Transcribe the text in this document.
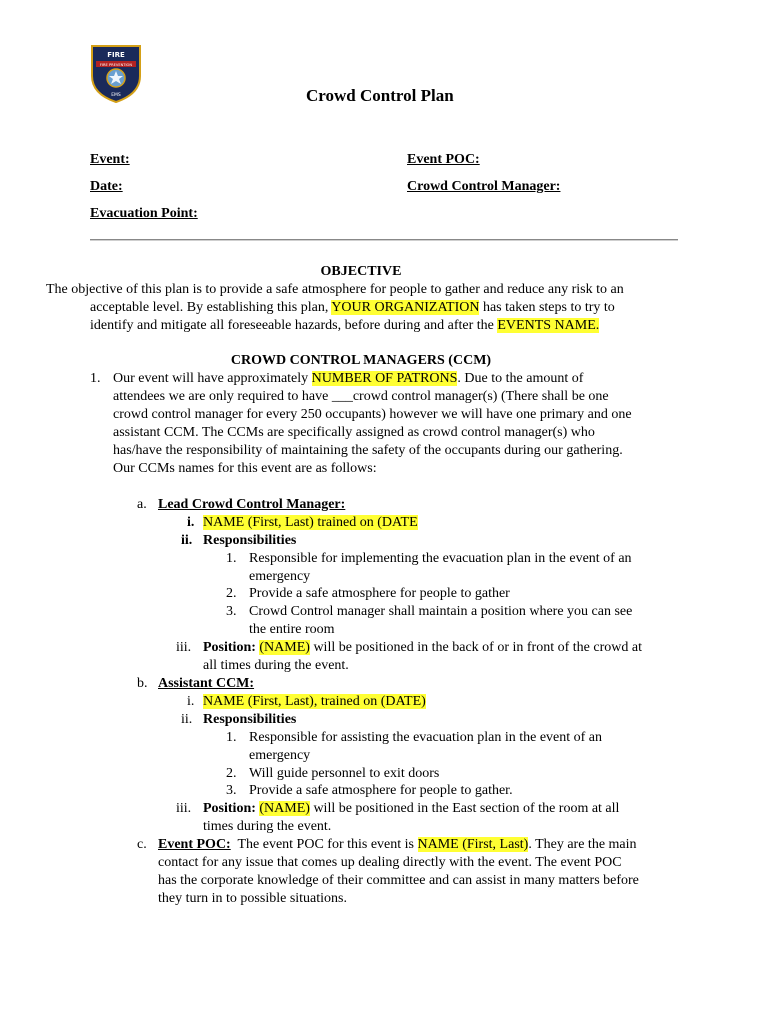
FIRE
FIRE PREVENTION
EMS	Crowd Control Plan
Event:	Event POC:
Date:	Crowd Control Manager:
Evacuation Point:
OBJECTIVE
The objective of this plan is to provide a safe atmosphere for people to gather and reduce any risk to an
acceptable level. By establishing this plan, YOUR ORGANIZATION has taken steps to try to
identify and mitigate all foreseeable hazards, before during and after the EVENTS NAME.
CROWD CONTROL MANAGERS (CCM)
1. Our event will have approximately NUMBER OF PATRONS. Due to the amount of
attendees we are only required to have ___crowd control manager(s) (There shall be one
crowd control manager for every 250 occupants) however we will have one primary and one
assistant CCM. The CCMs are specifically assigned as crowd control manager(s) who
has/have the responsibility of maintaining the safety of the occupants during our gathering.
Our CCMs names for this event are as follows:
a. Lead Crowd Control Manager:
i. NAME (First, Last) trained on (DATE
ii. Responsibilities
1. Responsible for implementing the evacuation plan in the event of an
emergency
2. Provide a safe atmosphere for people to gather
3. Crowd Control manager shall maintain a position where you can see
the entire room
iii. Position: (NAME) will be positioned in the back of or in front of the crowd at
all times during the event.
b. Assistant CCM:
i. NAME (First, Last), trained on (DATE)
ii. Responsibilities
1. Responsible for assisting the evacuation plan in the event of an
emergency
2. Will guide personnel to exit doors
3. Provide a safe atmosphere for people to gather.
iii. Position: (NAME) will be positioned in the East section of the room at all
times during the event.
c. Event POC:  The event POC for this event is NAME (First, Last). They are the main
contact for any issue that comes up dealing directly with the event. The event POC
has the corporate knowledge of their committee and can assist in many matters before
they turn in to possible situations.
